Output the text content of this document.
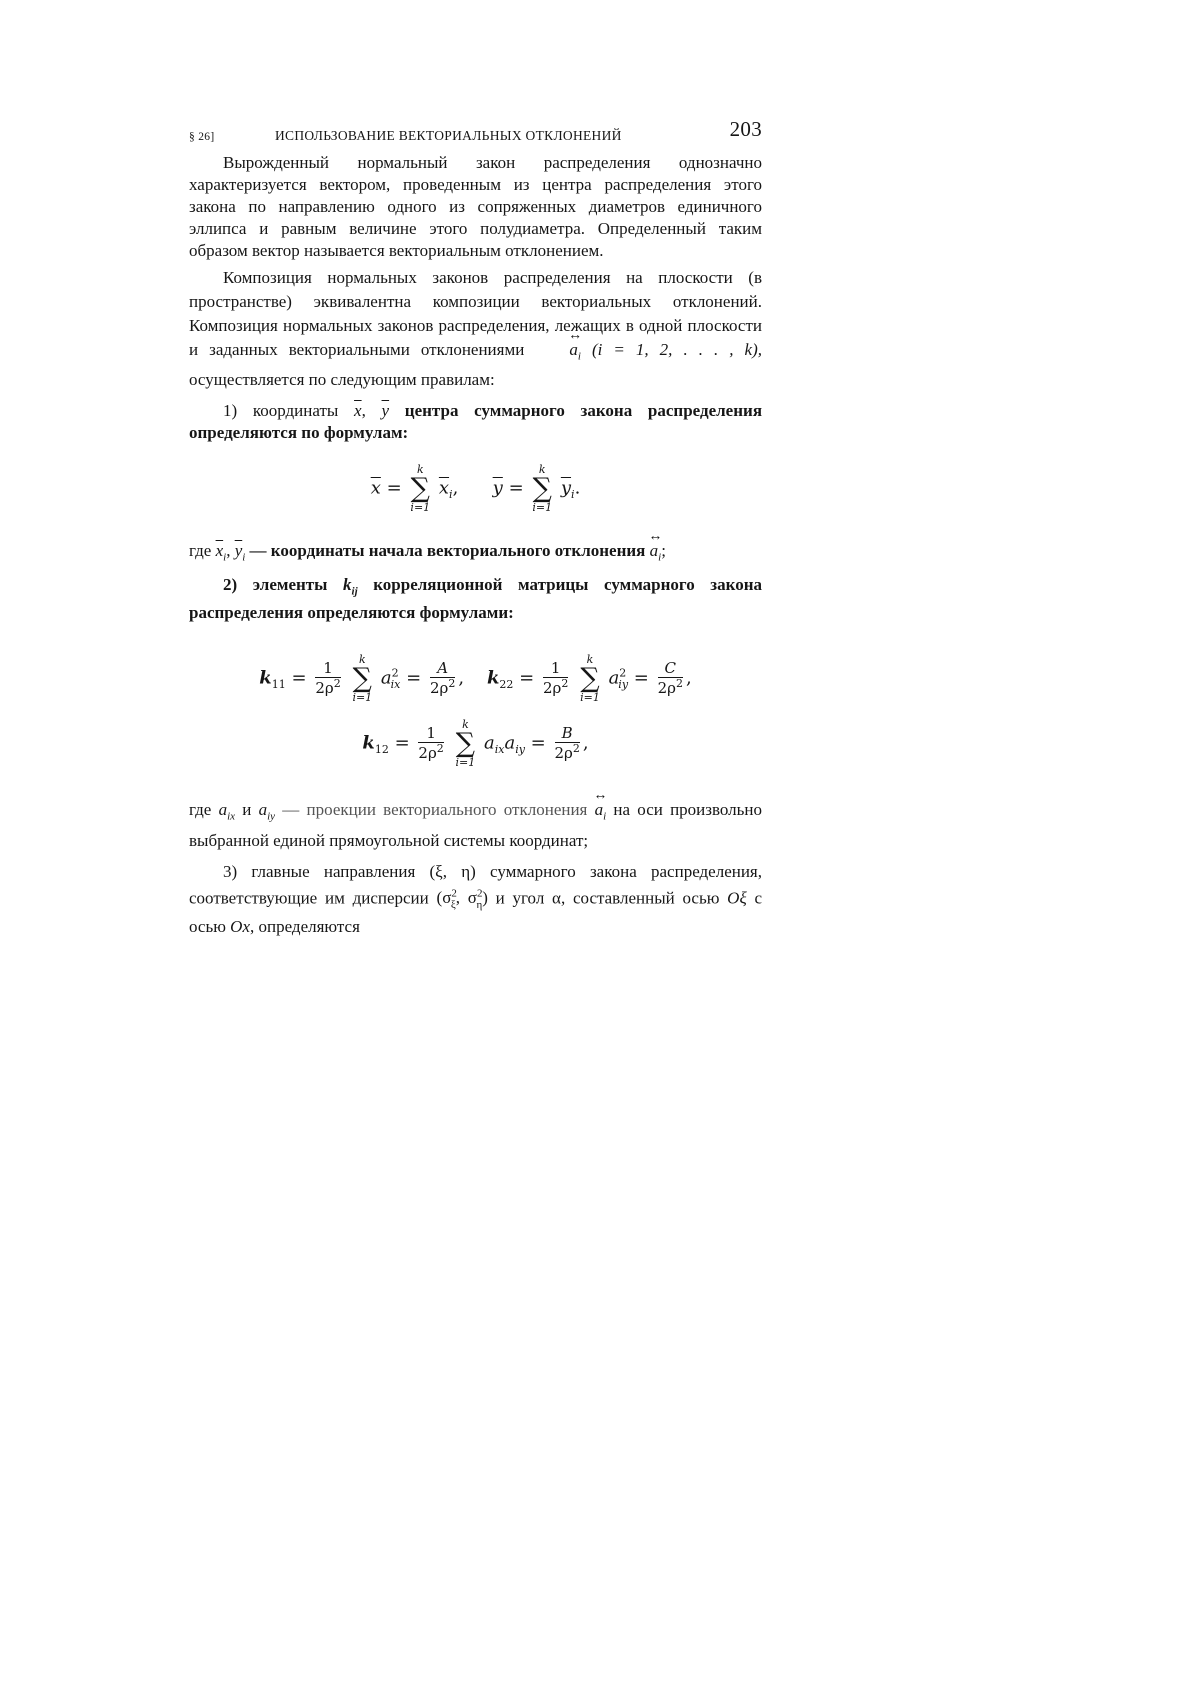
§ 26]	ИСПОЛЬЗОВАНИЕ ВЕКТОРИАЛЬНЫХ ОТКЛОНЕНИЙ	203

Вырожденный нормальный закон распределения однозначно характеризуется вектором, проведенным из центра распределения этого закона по направлению одного из сопряженных диаметров единичного эллипса и равным величине этого полудиаметра. Определенный таким образом вектор называется векториальным отклонением.

Композиция нормальных законов распределения на плоскости (в пространстве) эквивалентна композиции векториальных отклонений. Композиция нормальных законов распределения, лежащих в одной плоскости и заданных векториальными отклонениями	↔ $a_i$ (i = 1, 2, . . . , k), осуществляется по следующим правилам:

1) координаты $\overline{x}$, $\overline{y}$ центра суммарного закона распределения определяются по формулам:

$\overline{x}$ =
k
∑
i=1
$\overline{x}_i$, $\overline{y}$ =
k
∑
i=1
$\overline{y}_i$.

где $\overline{x}_i$, $\overline{y}_i$ — координаты начала векториального отклонения ↔ $a_i$;

2) элементы $k_{ij}$ корреляционной матрицы суммарного закона распределения определяются формулами:

$k_{11} = \frac{1}{2\rho^2}$

k
∑
i=1
$a^2_{ix} = \frac{A}{2\rho^2}$ , $k_{22} = \frac{1}{2\rho^2}$

k
∑
i=1
$a^2_{iy} = \frac{C}{2\rho^2}$ ,
$k_{12} = \frac{1}{2\rho^2}$

k
∑
i=1
$a_{ix}a_{iy} = \frac{B}{2\rho^2}$ ,

где $a_{ix}$ и $a_{iy}$ — проекции векториального отклонения ↔ $a_i$ на оси произвольно выбранной единой прямоугольной системы координат;

3) главные направления (ξ, η) суммарного закона распределения, соответствующие им дисперсии ($\sigma^2_\xi$, $\sigma^2_\eta$) и угол α, составленный осью Oξ с осью Ox, определяются
